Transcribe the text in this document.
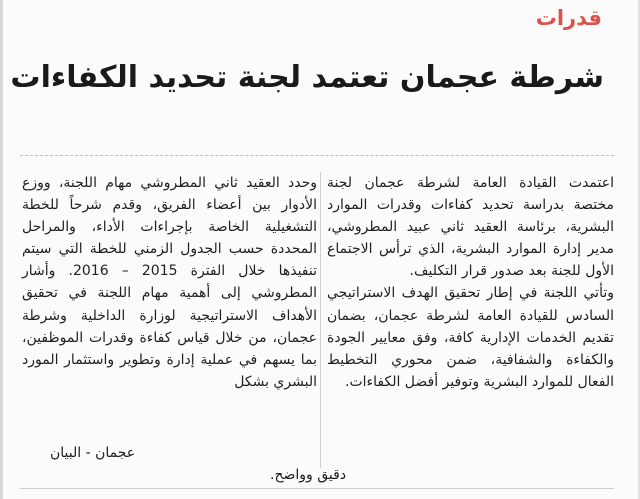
قدرات
شرطة عجمان تعتمد لجنة تحديد الكفاءات

اعتمدت القيادة العامة لشرطة عجمان لجنة مختصة بدراسة تحديد كفاءات وقدرات الموارد البشرية، برئاسة العقيد ثاني عبيد المطروشي، مدير إدارة الموارد البشرية، الذي ترأس الاجتماع الأول للجنة بعد صدور قرار التكليف.

وتأتي اللجنة في إطار تحقيق الهدف الاستراتيجي السادس للقيادة العامة لشرطة عجمان، بضمان تقديم الخدمات الإدارية كافة، وفق معايير الجودة والكفاءة والشفافية، ضمن محوري التخطيط الفعال للموارد البشرية وتوفير أفضل الكفاءات.

وحدد العقيد ثاني المطروشي مهام اللجنة، ووزع الأدوار بين أعضاء الفريق، وقدم شرحاً للخطة التشغيلية الخاصة بإجراءات الأداء، والمراحل المحددة حسب الجدول الزمني للخطة التي سيتم تنفيذها خلال الفترة 2015 – 2016. وأشار المطروشي إلى أهمية مهام اللجنة في تحقيق الأهداف الاستراتيجية لوزارة الداخلية وشرطة عجمان، من خلال قياس كفاءة وقدرات الموظفين، بما يسهم في عملية إدارة وتطوير واستثمار المورد البشري بشكل

دقيق وواضح.
عجمان - البيان
